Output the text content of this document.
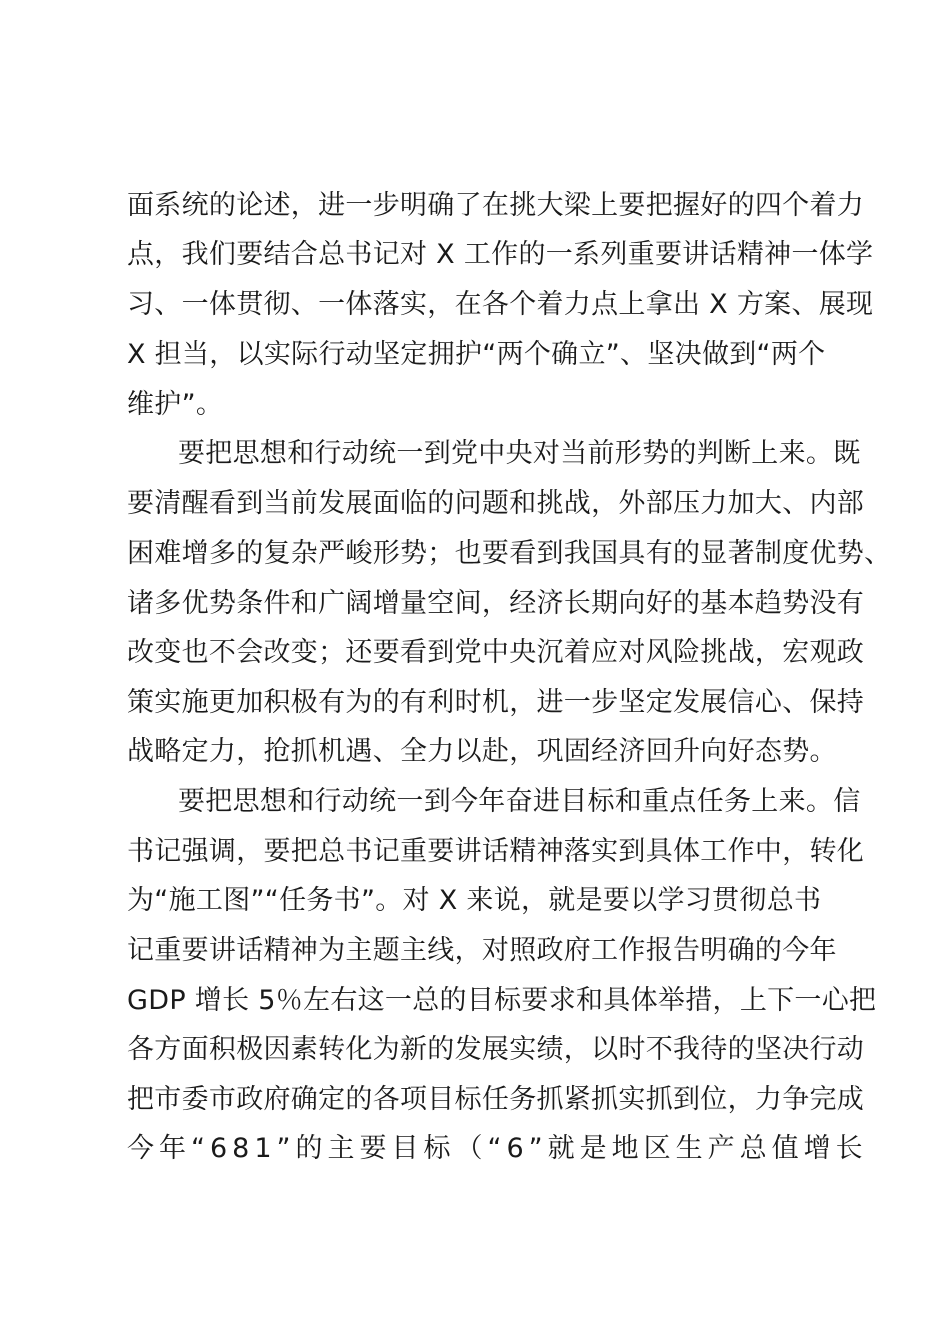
面系统的论述，进一步明确了在挑大梁上要把握好的四个着力
点，我们要结合总书记对 X 工作的一系列重要讲话精神一体学
习、一体贯彻、一体落实，在各个着力点上拿出 X 方案、展现
X 担当，以实际行动坚定拥护“两个确立”、坚决做到“两个
维护”。
要把思想和行动统一到党中央对当前形势的判断上来。既
要清醒看到当前发展面临的问题和挑战，外部压力加大、内部
困难增多的复杂严峻形势；也要看到我国具有的显著制度优势、
诸多优势条件和广阔增量空间，经济长期向好的基本趋势没有
改变也不会改变；还要看到党中央沉着应对风险挑战，宏观政
策实施更加积极有为的有利时机，进一步坚定发展信心、保持
战略定力，抢抓机遇、全力以赴，巩固经济回升向好态势。
要把思想和行动统一到今年奋进目标和重点任务上来。信
书记强调，要把总书记重要讲话精神落实到具体工作中，转化
为“施工图”“任务书”。对 X 来说，就是要以学习贯彻总书
记重要讲话精神为主题主线，对照政府工作报告明确的今年
GDP 增长 5％左右这一总的目标要求和具体举措，上下一心把
各方面积极因素转化为新的发展实绩，以时不我待的坚决行动
把市委市政府确定的各项目标任务抓紧抓实抓到位，力争完成
今年“681”的主要目标（“6”就是地区生产总值增长
